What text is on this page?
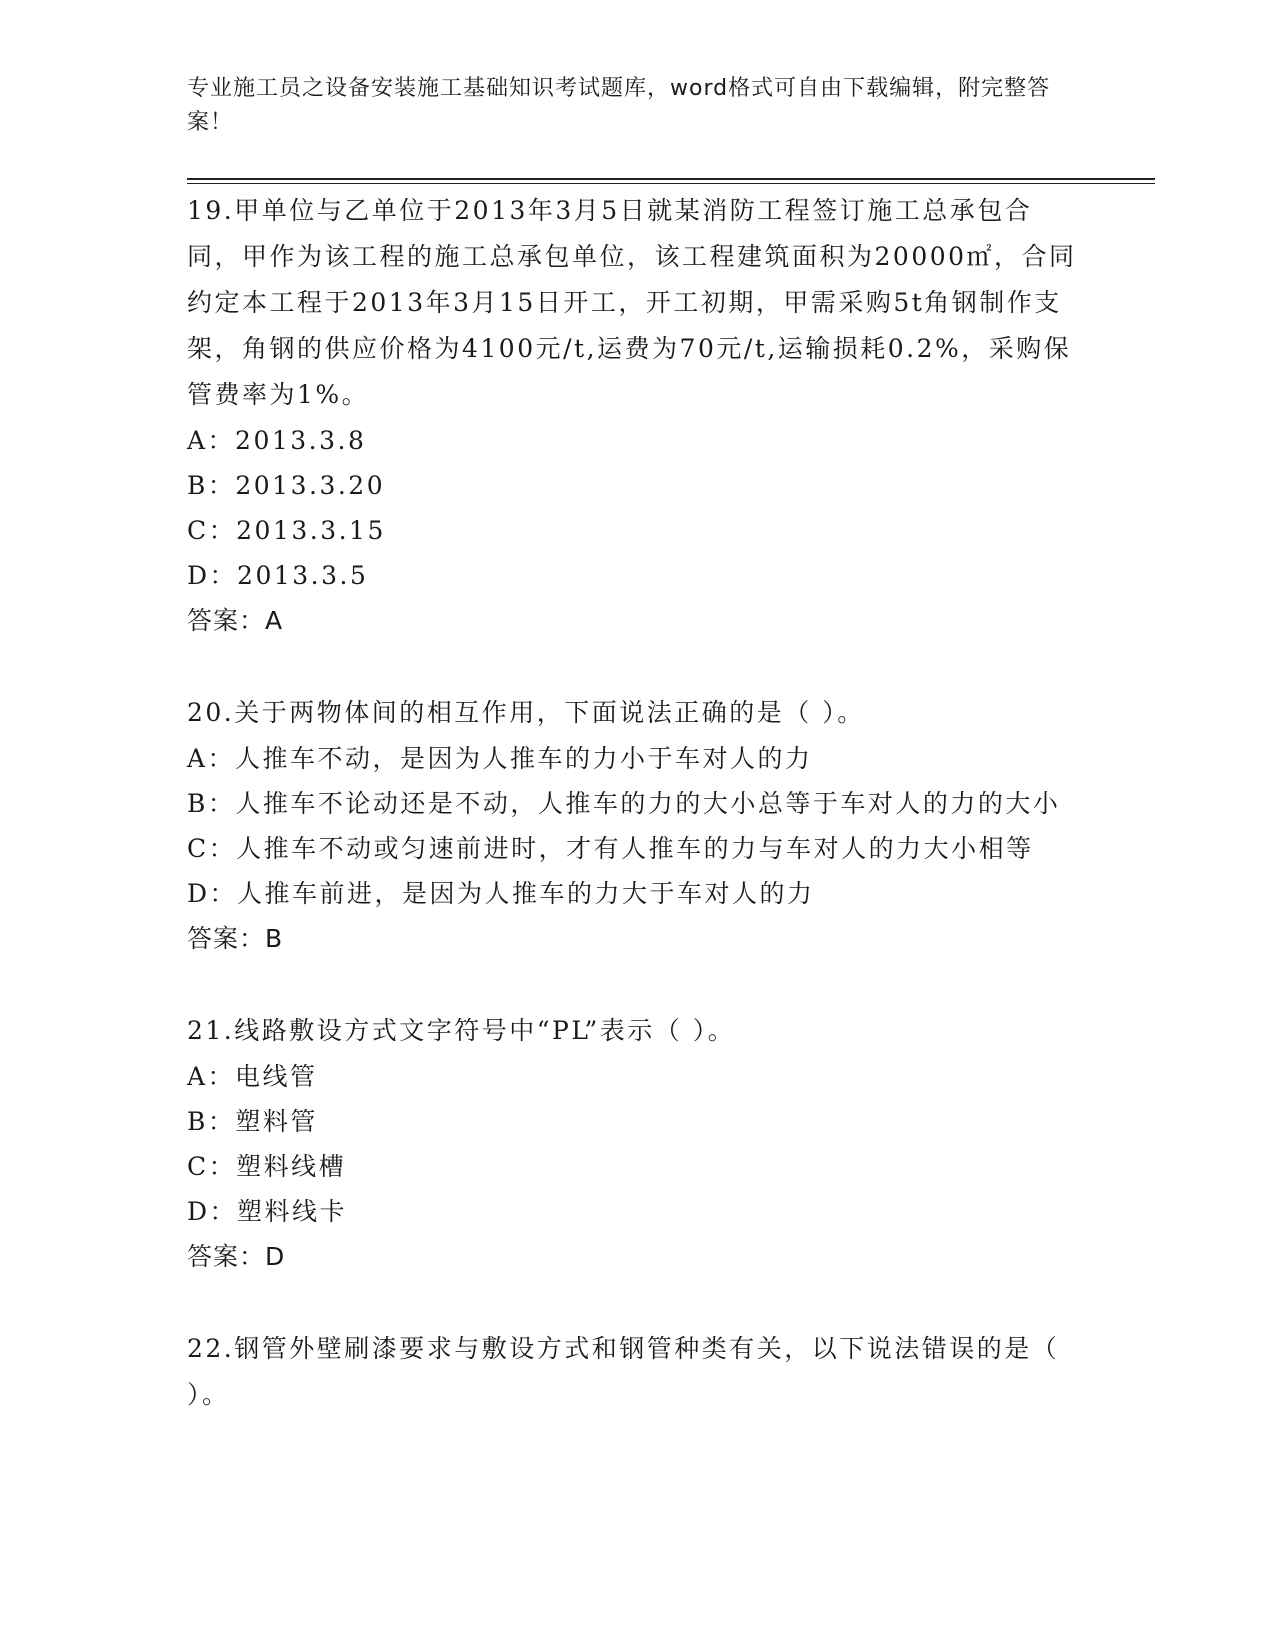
专业施工员之设备安装施工基础知识考试题库，word格式可自由下载编辑，附完整答案！
19.甲单位与乙单位于2013年3月5日就某消防工程签订施工总承包合同，甲作为该工程的施工总承包单位，该工程建筑面积为20000㎡，合同约定本工程于2013年3月15日开工，开工初期，甲需采购5t角钢制作支架，角钢的供应价格为4100元/t,运费为70元/t,运输损耗0.2%，采购保管费率为1%。
A：2013.3.8
B：2013.3.20
C：2013.3.15
D：2013.3.5
答案：A
20.关于两物体间的相互作用，下面说法正确的是（ ）。
A：人推车不动，是因为人推车的力小于车对人的力
B：人推车不论动还是不动，人推车的力的大小总等于车对人的力的大小
C：人推车不动或匀速前进时，才有人推车的力与车对人的力大小相等
D：人推车前进，是因为人推车的力大于车对人的力
答案：B
21.线路敷设方式文字符号中“PL”表示（ ）。
A：电线管
B：塑料管
C：塑料线槽
D：塑料线卡
答案：D
22.钢管外壁刷漆要求与敷设方式和钢管种类有关，以下说法错误的是（ ）。
